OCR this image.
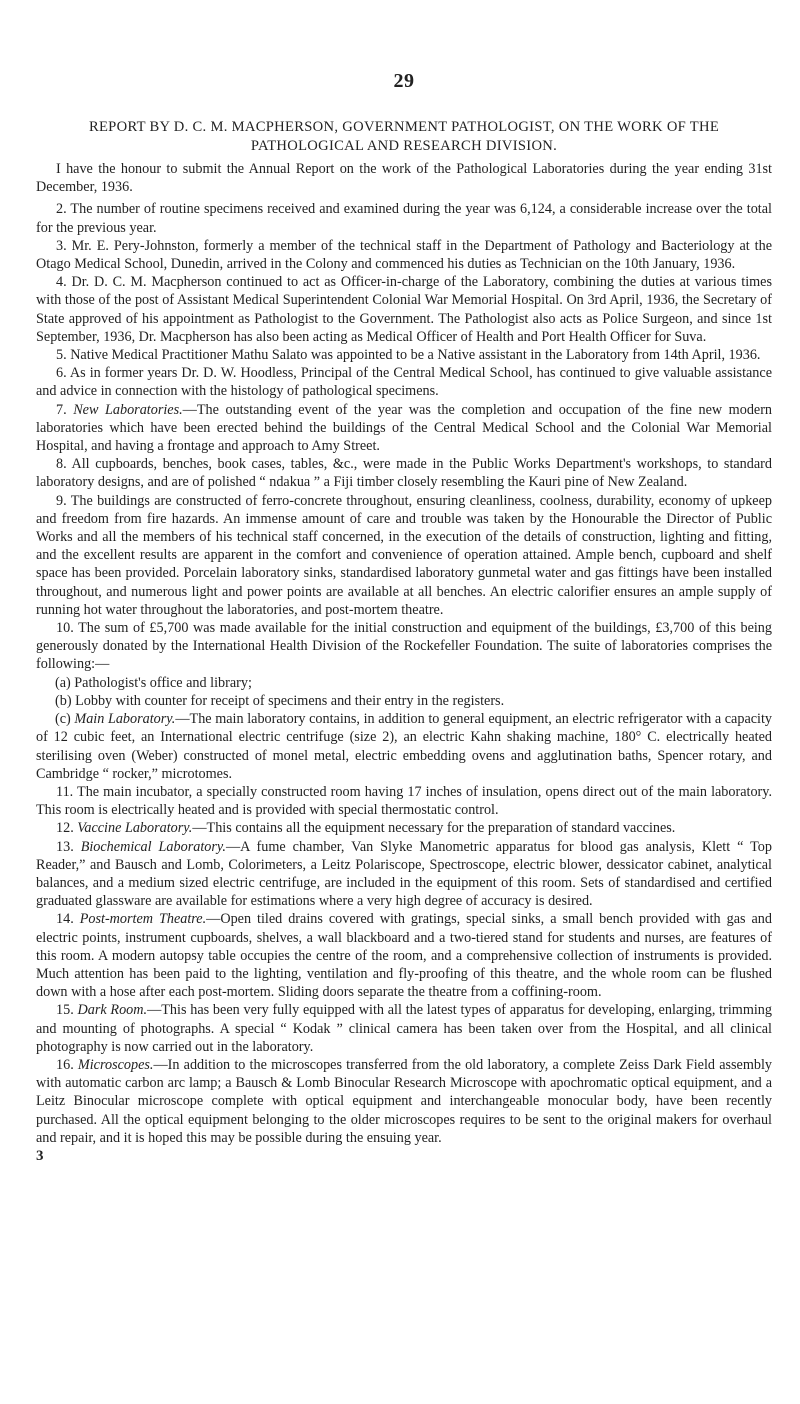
29
REPORT BY D. C. M. MACPHERSON, GOVERNMENT PATHOLOGIST, ON THE WORK OF THE PATHOLOGICAL AND RESEARCH DIVISION.

I have the honour to submit the Annual Report on the work of the Pathological Laboratories during the year ending 31st December, 1936.

2. The number of routine specimens received and examined during the year was 6,124, a considerable increase over the total for the previous year.

3. Mr. E. Pery-Johnston, formerly a member of the technical staff in the Department of Pathology and Bacteriology at the Otago Medical School, Dunedin, arrived in the Colony and commenced his duties as Technician on the 10th January, 1936.

4. Dr. D. C. M. Macpherson continued to act as Officer-in-charge of the Laboratory, combining the duties at various times with those of the post of Assistant Medical Superintendent Colonial War Memorial Hospital. On 3rd April, 1936, the Secretary of State approved of his appointment as Pathologist to the Government. The Pathologist also acts as Police Surgeon, and since 1st September, 1936, Dr. Macpherson has also been acting as Medical Officer of Health and Port Health Officer for Suva.

5. Native Medical Practitioner Mathu Salato was appointed to be a Native assistant in the Laboratory from 14th April, 1936.

6. As in former years Dr. D. W. Hoodless, Principal of the Central Medical School, has continued to give valuable assistance and advice in connection with the histology of pathological specimens.

7. New Laboratories.—The outstanding event of the year was the completion and occupation of the fine new modern laboratories which have been erected behind the buildings of the Central Medical School and the Colonial War Memorial Hospital, and having a frontage and approach to Amy Street.

8. All cupboards, benches, book cases, tables, &c., were made in the Public Works Department's workshops, to standard laboratory designs, and are of polished “ ndakua ” a Fiji timber closely resembling the Kauri pine of New Zealand.

9. The buildings are constructed of ferro-concrete throughout, ensuring cleanliness, coolness, durability, economy of upkeep and freedom from fire hazards. An immense amount of care and trouble was taken by the Honourable the Director of Public Works and all the members of his technical staff concerned, in the execution of the details of construction, lighting and fitting, and the excellent results are apparent in the comfort and convenience of operation attained. Ample bench, cupboard and shelf space has been provided. Porcelain laboratory sinks, standardised laboratory gunmetal water and gas fittings have been installed throughout, and numerous light and power points are available at all benches. An electric calorifier ensures an ample supply of running hot water throughout the laboratories, and post-mortem theatre.

10. The sum of £5,700 was made available for the initial construction and equipment of the buildings, £3,700 of this being generously donated by the International Health Division of the Rockefeller Foundation. The suite of laboratories comprises the following:—

(a) Pathologist's office and library;

(b) Lobby with counter for receipt of specimens and their entry in the registers.

(c) Main Laboratory.—The main laboratory contains, in addition to general equipment, an electric refrigerator with a capacity of 12 cubic feet, an International electric centrifuge (size 2), an electric Kahn shaking machine, 180° C. electrically heated sterilising oven (Weber) constructed of monel metal, electric embedding ovens and agglutination baths, Spencer rotary, and Cambridge “ rocker,” microtomes.

11. The main incubator, a specially constructed room having 17 inches of insulation, opens direct out of the main laboratory. This room is electrically heated and is provided with special thermostatic control.

12. Vaccine Laboratory.—This contains all the equipment necessary for the preparation of standard vaccines.

13. Biochemical Laboratory.—A fume chamber, Van Slyke Manometric apparatus for blood gas analysis, Klett “ Top Reader,” and Bausch and Lomb, Colorimeters, a Leitz Polariscope, Spectroscope, electric blower, dessicator cabinet, analytical balances, and a medium sized electric centrifuge, are included in the equipment of this room. Sets of standardised and certified graduated glassware are available for estimations where a very high degree of accuracy is desired.

14. Post-mortem Theatre.—Open tiled drains covered with gratings, special sinks, a small bench provided with gas and electric points, instrument cupboards, shelves, a wall blackboard and a two-tiered stand for students and nurses, are features of this room. A modern autopsy table occupies the centre of the room, and a comprehensive collection of instruments is provided. Much attention has been paid to the lighting, ventilation and fly-proofing of this theatre, and the whole room can be flushed down with a hose after each post-mortem. Sliding doors separate the theatre from a coffining-room.

15. Dark Room.—This has been very fully equipped with all the latest types of apparatus for developing, enlarging, trimming and mounting of photographs. A special “ Kodak ” clinical camera has been taken over from the Hospital, and all clinical photography is now carried out in the laboratory.

16. Microscopes.—In addition to the microscopes transferred from the old laboratory, a complete Zeiss Dark Field assembly with automatic carbon arc lamp; a Bausch & Lomb Binocular Research Microscope with apochromatic optical equipment, and a Leitz Binocular microscope complete with optical equipment and interchangeable monocular body, have been recently purchased. All the optical equipment belonging to the older microscopes requires to be sent to the original makers for overhaul and repair, and it is hoped this may be possible during the ensuing year.

3
